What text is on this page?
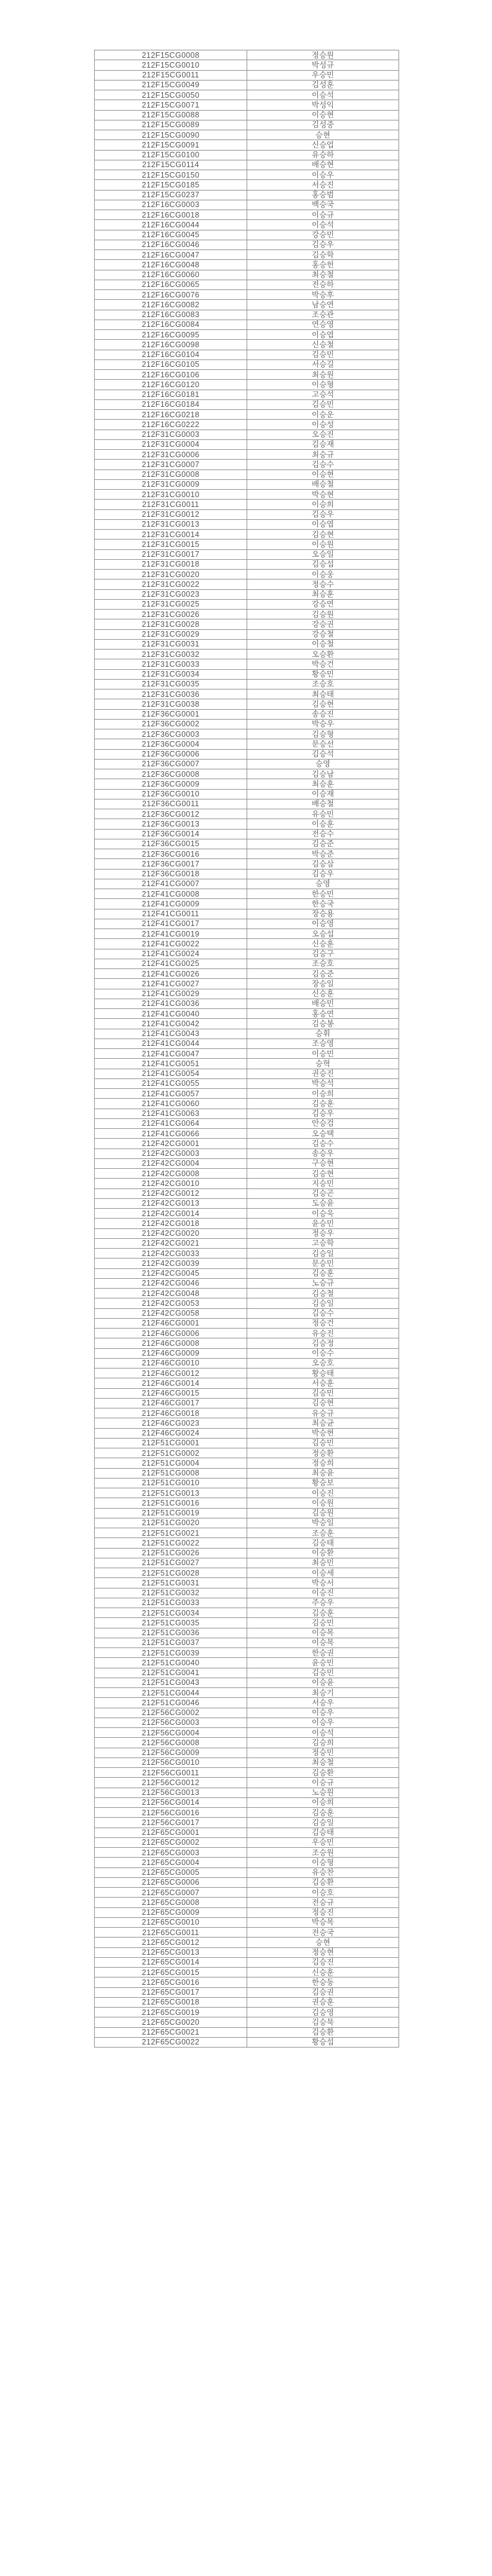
212F15CG0008	정승원
212F15CG0010	박성규
212F15CG0011	우승민
212F15CG0049	김성훈
212F15CG0050	이승석
212F15CG0071	박성익
212F15CG0088	이승현
212F15CG0089	김성중
212F15CG0090	승현
212F15CG0091	신승업
212F15CG0100	유승하
212F15CG0114	배승현
212F15CG0150	이승우
212F15CG0185	서승진
212F15CG0237	홍승범
212F16CG0003	백승국
212F16CG0018	이승규
212F16CG0044	이승석
212F16CG0045	강승민
212F16CG0046	김승우
212F16CG0047	김승학
212F16CG0048	홍승헌
212F16CG0060	최승철
212F16CG0065	전승하
212F16CG0076	박승후
212F16CG0082	남승연
212F16CG0083	조승관
212F16CG0084	연승영
212F16CG0095	이승엽
212F16CG0098	신승철
212F16CG0104	김승민
212F16CG0105	서승길
212F16CG0106	최승원
212F16CG0120	이승형
212F16CG0181	고승석
212F16CG0184	김승민
212F16CG0218	이승운
212F16CG0222	이승성
212F31CG0003	오승진
212F31CG0004	김승재
212F31CG0006	최승규
212F31CG0007	김승수
212F31CG0008	이승현
212F31CG0009	배승철
212F31CG0010	박승현
212F31CG0011	이승희
212F31CG0012	김승우
212F31CG0013	이승엽
212F31CG0014	김승현
212F31CG0015	이승원
212F31CG0017	오승일
212F31CG0018	김승섭
212F31CG0020	이승웅
212F31CG0022	정승수
212F31CG0023	최승훈
212F31CG0025	강승연
212F31CG0026	김승원
212F31CG0028	강승권
212F31CG0029	강승철
212F31CG0031	이승철
212F31CG0032	오승환
212F31CG0033	박승건
212F31CG0034	황승민
212F31CG0035	조승호
212F31CG0036	최승태
212F31CG0038	김승현
212F36CG0001	송승진
212F36CG0002	박승우
212F36CG0003	김승형
212F36CG0004	문승선
212F36CG0006	김승석
212F36CG0007	승영
212F36CG0008	김승남
212F36CG0009	최승훈
212F36CG0010	이승재
212F36CG0011	배승철
212F36CG0012	유승민
212F36CG0013	이승훈
212F36CG0014	전승수
212F36CG0015	김승준
212F36CG0016	박승준
212F36CG0017	김승삼
212F36CG0018	김승우
212F41CG0007	승영
212F41CG0008	한승민
212F41CG0009	한승국
212F41CG0011	장승용
212F41CG0017	이승영
212F41CG0019	오승섭
212F41CG0022	신승훈
212F41CG0024	김승구
212F41CG0025	조승호
212F41CG0026	김승준
212F41CG0027	장승일
212F41CG0029	신승훈
212F41CG0036	배승민
212F41CG0040	홍승연
212F41CG0042	김승봉
212F41CG0043	승휘
212F41CG0044	조승영
212F41CG0047	이승민
212F41CG0051	승혁
212F41CG0054	권승진
212F41CG0055	박승석
212F41CG0057	이승희
212F41CG0060	김승훈
212F41CG0063	김승우
212F41CG0064	안승검
212F41CG0066	오승택
212F42CG0001	김승수
212F42CG0003	송승우
212F42CG0004	구승현
212F42CG0008	김승현
212F42CG0010	지승민
212F42CG0012	김승곤
212F42CG0013	도승윤
212F42CG0014	이승욱
212F42CG0018	윤승민
212F42CG0020	정승우
212F42CG0021	고승학
212F42CG0033	김승일
212F42CG0039	문승민
212F42CG0045	김승훈
212F42CG0046	노승규
212F42CG0048	김승철
212F42CG0053	김승일
212F42CG0058	김승수
212F46CG0001	정승건
212F46CG0006	유승진
212F46CG0008	김승정
212F46CG0009	이승수
212F46CG0010	오승호
212F46CG0012	황승태
212F46CG0014	서승훈
212F46CG0015	김승민
212F46CG0017	김승현
212F46CG0018	유승규
212F46CG0023	최승균
212F46CG0024	박승현
212F51CG0001	김승민
212F51CG0002	정승환
212F51CG0004	정승희
212F51CG0008	최승윤
212F51CG0010	황승보
212F51CG0013	이승진
212F51CG0016	이승원
212F51CG0019	김승원
212F51CG0020	박승일
212F51CG0021	조승훈
212F51CG0022	김승태
212F51CG0026	이승환
212F51CG0027	최승민
212F51CG0028	이승세
212F51CG0031	박승서
212F51CG0032	이승진
212F51CG0033	주승우
212F51CG0034	김승훈
212F51CG0035	김승민
212F51CG0036	이승목
212F51CG0037	이승목
212F51CG0039	한승권
212F51CG0040	윤승민
212F51CG0041	김승민
212F51CG0043	이승윤
212F51CG0044	최승기
212F51CG0046	서승우
212F56CG0002	이승우
212F56CG0003	이승우
212F56CG0004	이승석
212F56CG0008	김승희
212F56CG0009	정승민
212F56CG0010	최승철
212F56CG0011	김승환
212F56CG0012	이승규
212F56CG0013	노승원
212F56CG0014	이승희
212F56CG0016	김승훈
212F56CG0017	김승일
212F65CG0001	김승태
212F65CG0002	우승민
212F65CG0003	조승원
212F65CG0004	이승형
212F65CG0005	유승찬
212F65CG0006	김승환
212F65CG0007	이승호
212F65CG0008	전승규
212F65CG0009	정승진
212F65CG0010	박승목
212F65CG0011	전승국
212F65CG0012	승현
212F65CG0013	정승현
212F65CG0014	김승진
212F65CG0015	신승훈
212F65CG0016	한승동
212F65CG0017	김승권
212F65CG0018	권승훈
212F65CG0019	김승영
212F65CG0020	김승묵
212F65CG0021	김승환
212F65CG0022	황승섭
